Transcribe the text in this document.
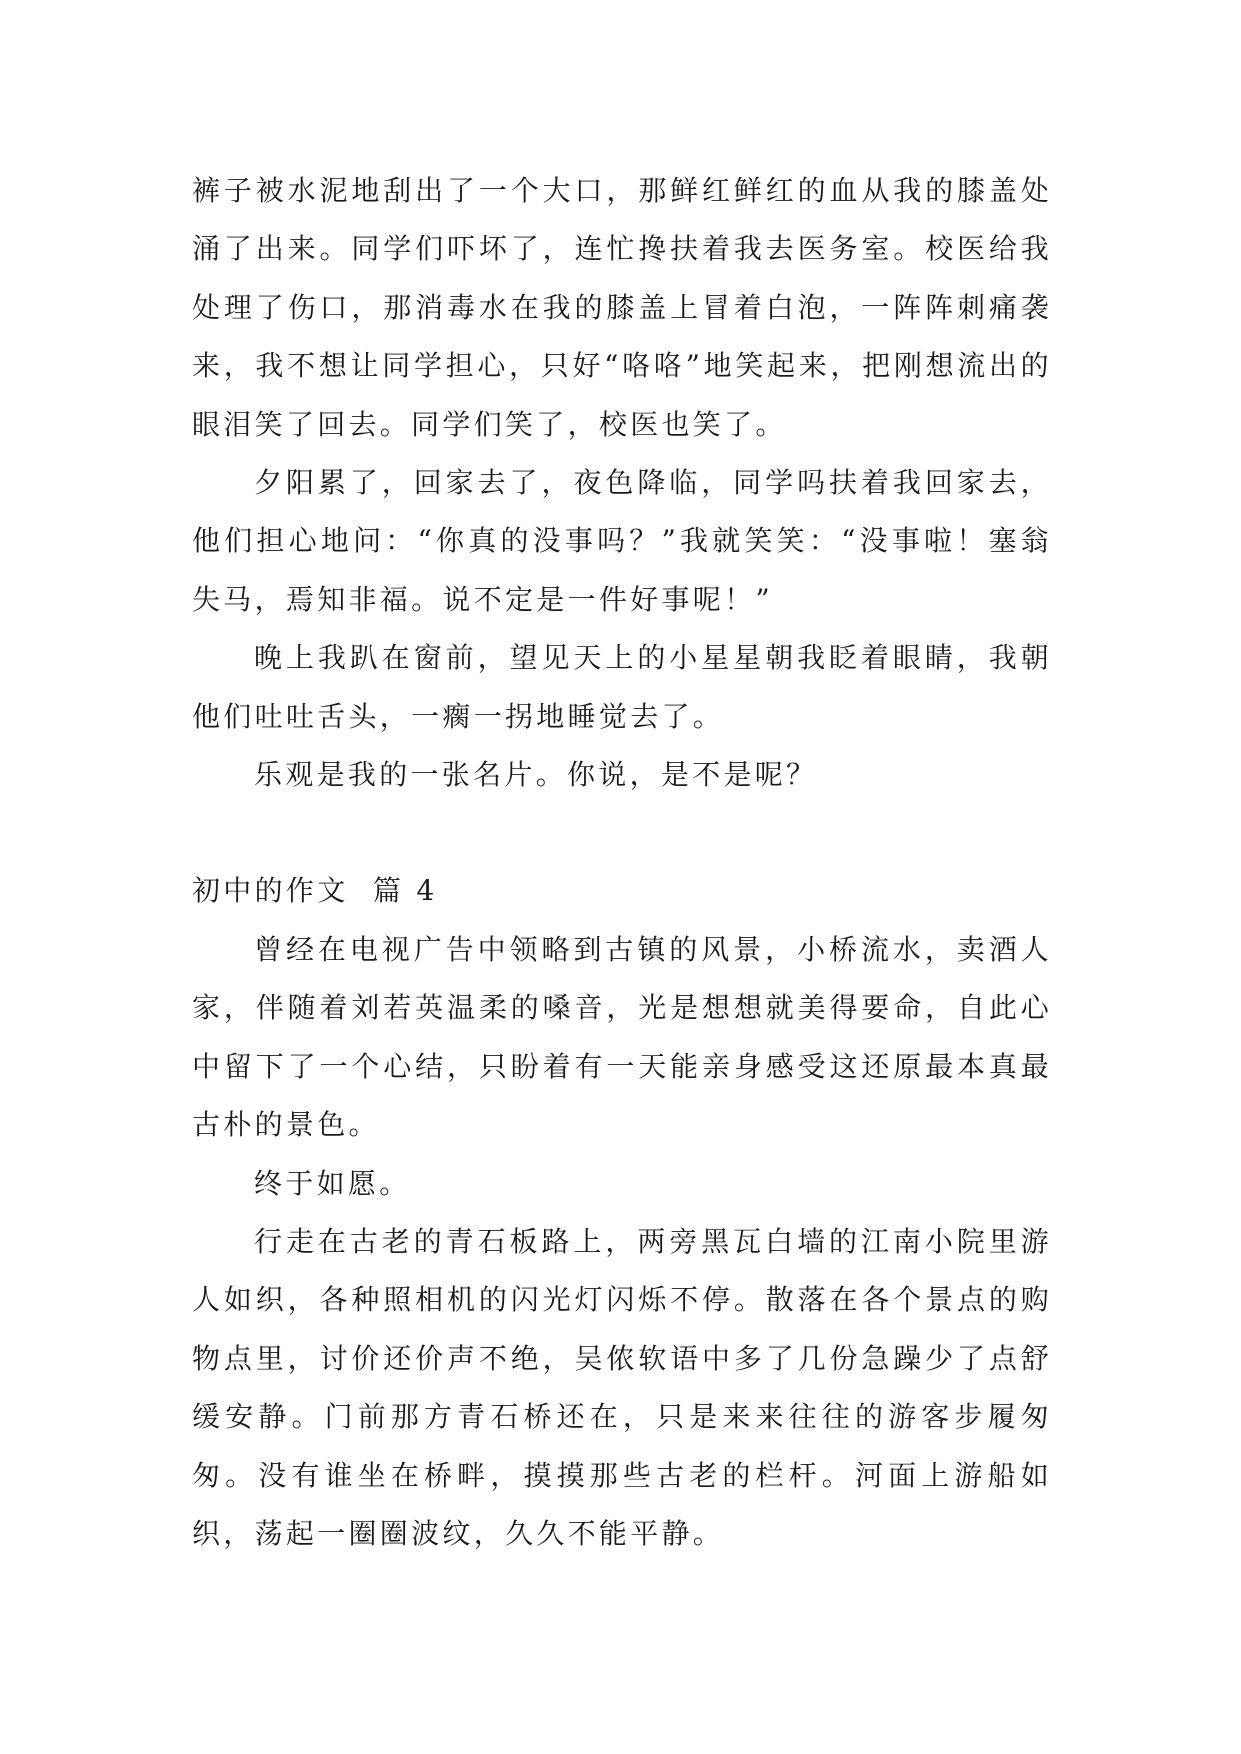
裤子被水泥地刮出了一个大口，那鲜红鲜红的血从我的膝盖处涌了出来。同学们吓坏了，连忙搀扶着我去医务室。校医给我处理了伤口，那消毒水在我的膝盖上冒着白泡，一阵阵刺痛袭来，我不想让同学担心，只好“咯咯”地笑起来，把刚想流出的眼泪笑了回去。同学们笑了，校医也笑了。

夕阳累了，回家去了，夜色降临，同学吗扶着我回家去，他们担心地问：“你真的没事吗？”我就笑笑：“没事啦！塞翁失马，焉知非福。说不定是一件好事呢！”

晚上我趴在窗前，望见天上的小星星朝我眨着眼睛，我朝他们吐吐舌头，一瘸一拐地睡觉去了。

乐观是我的一张名片。你说，是不是呢？

初中的作文  篇 4

曾经在电视广告中领略到古镇的风景，小桥流水，卖酒人家，伴随着刘若英温柔的嗓音，光是想想就美得要命，自此心中留下了一个心结，只盼着有一天能亲身感受这还原最本真最古朴的景色。

终于如愿。

行走在古老的青石板路上，两旁黑瓦白墙的江南小院里游人如织，各种照相机的闪光灯闪烁不停。散落在各个景点的购物点里，讨价还价声不绝，吴侬软语中多了几份急躁少了点舒缓安静。门前那方青石桥还在，只是来来往往的游客步履匆匆。没有谁坐在桥畔，摸摸那些古老的栏杆。河面上游船如织，荡起一圈圈波纹，久久不能平静。
